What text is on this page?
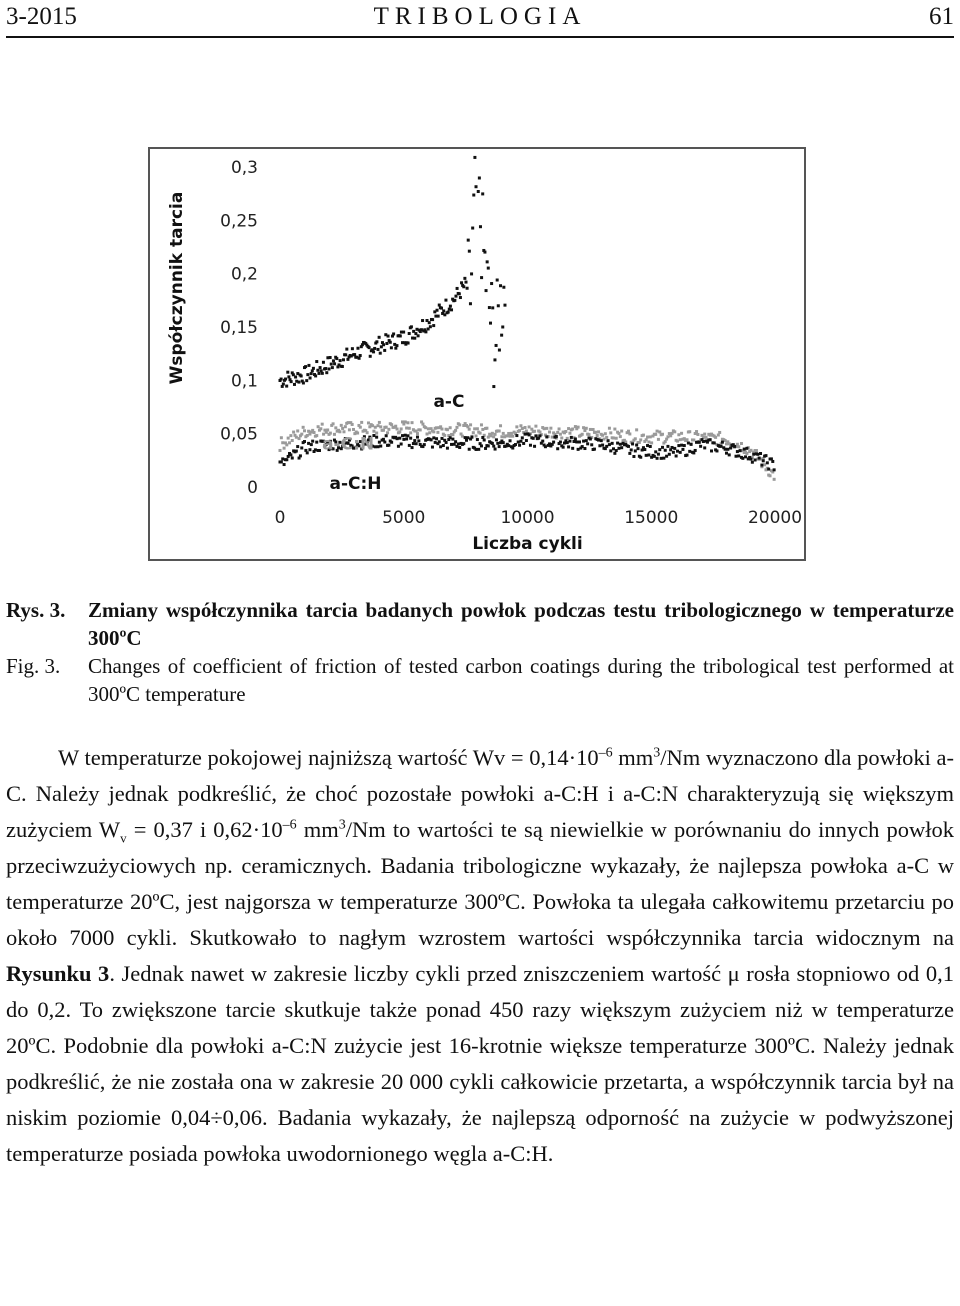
3-2015	TRIBOLOGIA	61
0
0,05
0,1
0,15
0,2
0,25
0,3
0	5000	10000	15000	20000
Liczba cykli
a-C
a-C:N
a-C:H
Współczynnik tarcia
Rys. 3. Zmiany współczynnika tarcia badanych powłok podczas testu tribologicznego w temperaturze 300ºC
Fig. 3. Changes of coefficient of friction of tested carbon coatings during the tribological test performed at 300ºC temperature

W temperaturze pokojowej najniższą wartość $Wv = 0,14\cdot 10^{-6}$ $mm^3/Nm$ wyznaczono dla powłoki a-C. Należy jednak podkreślić, że choć pozostałe powłoki a-C:H i a-C:N charakteryzują się większym zużyciem $W_v = 0,37$ i $0,62\cdot 10^{-6}$ $mm^3/Nm$ to wartości te są niewielkie w porównaniu do innych powłok przeciwzużyciowych np. ceramicznych. Badania tribologiczne wykazały, że najlepsza powłoka a-C w temperaturze 20ºC, jest najgorsza w temperaturze 300ºC. Powłoka ta ulegała całkowitemu przetarciu po około 7000 cykli. Skutkowało to nagłym wzrostem wartości współczynnika tarcia widocznym na Rysunku 3. Jednak nawet w zakresie liczby cykli przed zniszczeniem wartość μ rosła stopniowo od 0,1 do 0,2. To zwiększone tarcie skutkuje także ponad 450 razy większym zużyciem niż w temperaturze 20ºC. Podobnie dla powłoki a-C:N zużycie jest 16-krotnie większe temperaturze 300ºC. Należy jednak podkreślić, że nie została ona w zakresie 20 000 cykli całkowicie przetarta, a współczynnik tarcia był na niskim poziomie 0,04÷0,06. Badania wykazały, że najlepszą odporność na zużycie w podwyższonej temperaturze posiada powłoka uwodornionego węgla a-C:H.
